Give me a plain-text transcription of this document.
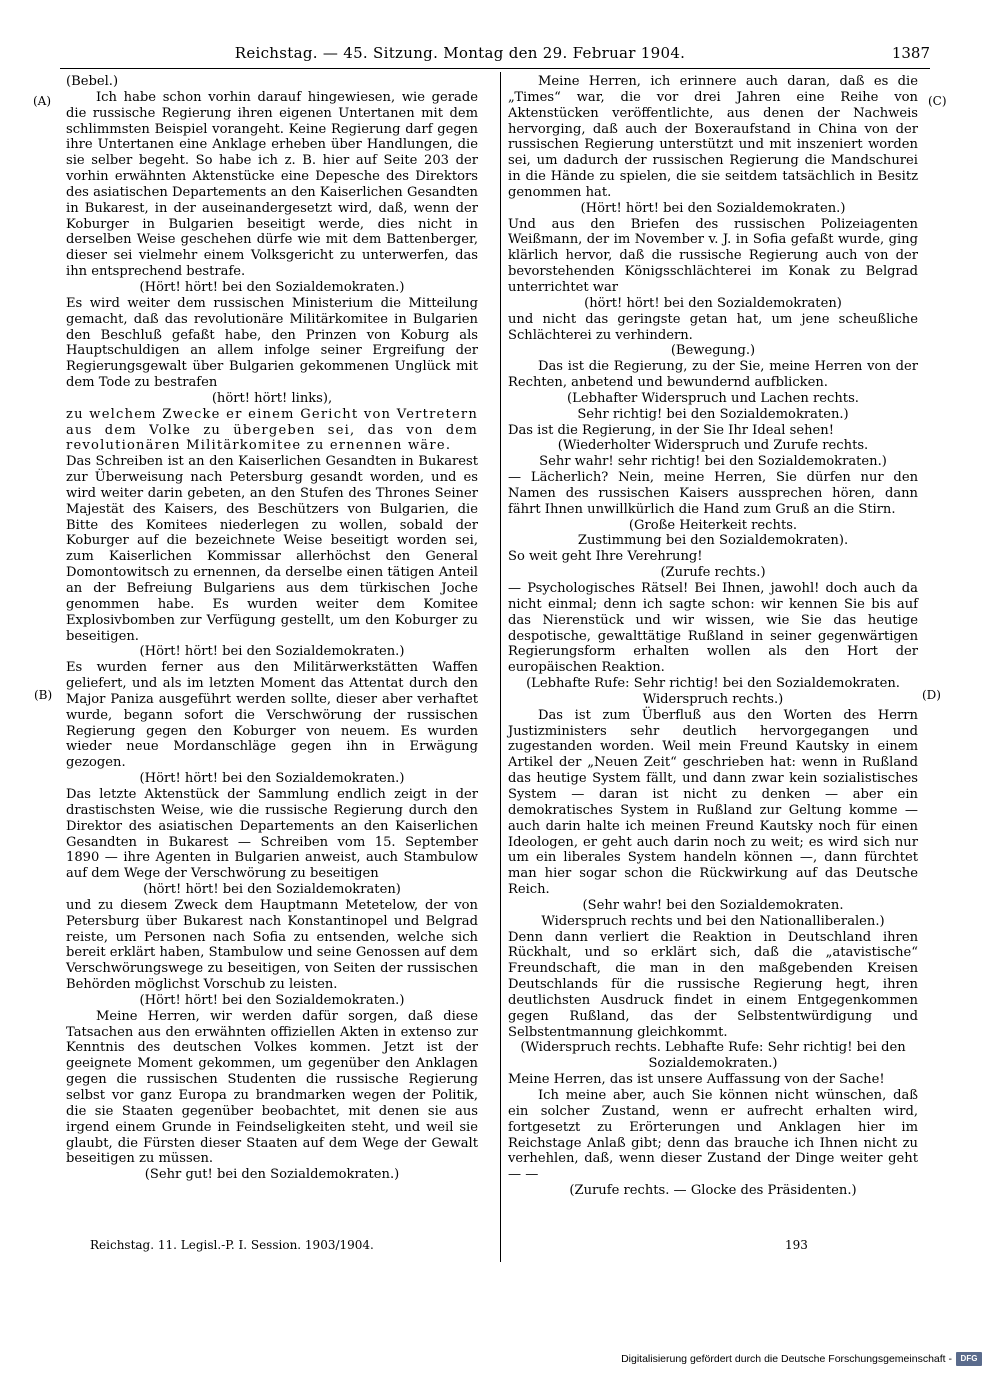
Reichstag. — 45. Sitzung. Montag den 29. Februar 1904.	1387
(A)
(B)
(C)
(D)

(Bebel.)

Ich habe schon vorhin darauf hingewiesen, wie gerade die russische Regierung ihren eigenen Untertanen mit dem schlimmsten Beispiel vorangeht. Keine Regierung darf gegen ihre Untertanen eine Anklage erheben über Handlungen, die sie selber begeht. So habe ich z. B. hier auf Seite 203 der vorhin erwähnten Aktenstücke eine Depesche des Direktors des asiatischen Departements an den Kaiserlichen Gesandten in Bukarest, in der auseinandergesetzt wird, daß, wenn der Koburger in Bulgarien beseitigt werde, dies nicht in derselben Weise geschehen dürfe wie mit dem Battenberger, dieser sei vielmehr einem Volksgericht zu unterwerfen, das ihn entsprechend bestrafe.

(Hört! hört! bei den Sozialdemokraten.)

Es wird weiter dem russischen Ministerium die Mitteilung gemacht, daß das revolutionäre Militärkomitee in Bulgarien den Beschluß gefaßt habe, den Prinzen von Koburg als Hauptschuldigen an allem infolge seiner Ergreifung der Regierungsgewalt über Bulgarien gekommenen Unglück mit dem Tode zu bestrafen

(hört! hört! links),

zu welchem Zwecke er einem Gericht von Vertretern aus dem Volke zu übergeben sei, das von dem revolutionären Militärkomitee zu ernennen wäre.

Das Schreiben ist an den Kaiserlichen Gesandten in Bukarest zur Überweisung nach Petersburg gesandt worden, und es wird weiter darin gebeten, an den Stufen des Thrones Seiner Majestät des Kaisers, des Beschützers von Bulgarien, die Bitte des Komitees niederlegen zu wollen, sobald der Koburger auf die bezeichnete Weise beseitigt worden sei, zum Kaiserlichen Kommissar allerhöchst den General Domontowitsch zu ernennen, da derselbe einen tätigen Anteil an der Befreiung Bulgariens aus dem türkischen Joche genommen habe. Es wurden weiter dem Komitee Explosivbomben zur Verfügung gestellt, um den Koburger zu beseitigen.

(Hört! hört! bei den Sozialdemokraten.)

Es wurden ferner aus den Militärwerkstätten Waffen geliefert, und als im letzten Moment das Attentat durch den Major Paniza ausgeführt werden sollte, dieser aber verhaftet wurde, begann sofort die Verschwörung der russischen Regierung gegen den Koburger von neuem. Es wurden wieder neue Mordanschläge gegen ihn in Erwägung gezogen.

(Hört! hört! bei den Sozialdemokraten.)

Das letzte Aktenstück der Sammlung endlich zeigt in der drastischsten Weise, wie die russische Regierung durch den Direktor des asiatischen Departements an den Kaiserlichen Gesandten in Bukarest — Schreiben vom 15. September 1890 — ihre Agenten in Bulgarien anweist, auch Stambulow auf dem Wege der Verschwörung zu beseitigen

(hört! hört! bei den Sozialdemokraten)

und zu diesem Zweck dem Hauptmann Metetelow, der von Petersburg über Bukarest nach Konstantinopel und Belgrad reiste, um Personen nach Sofia zu entsenden, welche sich bereit erklärt haben, Stambulow und seine Genossen auf dem Verschwörungswege zu beseitigen, von Seiten der russischen Behörden möglichst Vorschub zu leisten.

(Hört! hört! bei den Sozialdemokraten.)

Meine Herren, wir werden dafür sorgen, daß diese Tatsachen aus den erwähnten offiziellen Akten in extenso zur Kenntnis des deutschen Volkes kommen. Jetzt ist der geeignete Moment gekommen, um gegenüber den Anklagen gegen die russischen Studenten die russische Regierung selbst vor ganz Europa zu brandmarken wegen der Politik, die sie Staaten gegenüber beobachtet, mit denen sie aus irgend einem Grunde in Feindseligkeiten steht, und weil sie glaubt, die Fürsten dieser Staaten auf dem Wege der Gewalt beseitigen zu müssen.

(Sehr gut! bei den Sozialdemokraten.)

Meine Herren, ich erinnere auch daran, daß es die „Times“ war, die vor drei Jahren eine Reihe von Aktenstücken veröffentlichte, aus denen der Nachweis hervorging, daß auch der Boxeraufstand in China von der russischen Regierung unterstützt und mit inszeniert worden sei, um dadurch der russischen Regierung die Mandschurei in die Hände zu spielen, die sie seitdem tatsächlich in Besitz genommen hat.

(Hört! hört! bei den Sozialdemokraten.)

Und aus den Briefen des russischen Polizeiagenten Weißmann, der im November v. J. in Sofia gefaßt wurde, ging klärlich hervor, daß die russische Regierung auch von der bevorstehenden Königsschlächterei im Konak zu Belgrad unterrichtet war

(hört! hört! bei den Sozialdemokraten)

und nicht das geringste getan hat, um jene scheußliche Schlächterei zu verhindern.

(Bewegung.)

Das ist die Regierung, zu der Sie, meine Herren von der Rechten, anbetend und bewundernd aufblicken.

(Lebhafter Widerspruch und Lachen rechts.

Sehr richtig! bei den Sozialdemokraten.)

Das ist die Regierung, in der Sie Ihr Ideal sehen!

(Wiederholter Widerspruch und Zurufe rechts.

Sehr wahr! sehr richtig! bei den Sozialdemokraten.)

— Lächerlich? Nein, meine Herren, Sie dürfen nur den Namen des russischen Kaisers aussprechen hören, dann fährt Ihnen unwillkürlich die Hand zum Gruß an die Stirn.

(Große Heiterkeit rechts.

Zustimmung bei den Sozialdemokraten).

So weit geht Ihre Verehrung!

(Zurufe rechts.)

— Psychologisches Rätsel! Bei Ihnen, jawohl! doch auch da nicht einmal; denn ich sagte schon: wir kennen Sie bis auf das Nierenstück und wir wissen, wie Sie das heutige despotische, gewalttätige Rußland in seiner gegenwärtigen Regierungsform erhalten wollen als den Hort der europäischen Reaktion.

(Lebhafte Rufe: Sehr richtig! bei den Sozialdemokraten.

Widerspruch rechts.)

Das ist zum Überfluß aus den Worten des Herrn Justizministers sehr deutlich hervorgegangen und zugestanden worden. Weil mein Freund Kautsky in einem Artikel der „Neuen Zeit“ geschrieben hat: wenn in Rußland das heutige System fällt, und dann zwar kein sozialistisches System — daran ist nicht zu denken — aber ein demokratisches System in Rußland zur Geltung komme — auch darin halte ich meinen Freund Kautsky noch für einen Ideologen, er geht auch darin noch zu weit; es wird sich nur um ein liberales System handeln können —, dann fürchtet man hier sogar schon die Rückwirkung auf das Deutsche Reich.

(Sehr wahr! bei den Sozialdemokraten.

Widerspruch rechts und bei den Nationalliberalen.)

Denn dann verliert die Reaktion in Deutschland ihren Rückhalt, und so erklärt sich, daß die „atavistische“ Freundschaft, die man in den maßgebenden Kreisen Deutschlands für die russische Regierung hegt, ihren deutlichsten Ausdruck findet in einem Entgegenkommen gegen Rußland, das der Selbstentwürdigung und Selbstentmannung gleichkommt.

(Widerspruch rechts. Lebhafte Rufe: Sehr richtig! bei den Sozialdemokraten.)

Meine Herren, das ist unsere Auffassung von der Sache!

Ich meine aber, auch Sie können nicht wünschen, daß ein solcher Zustand, wenn er aufrecht erhalten wird, fortgesetzt zu Erörterungen und Anklagen hier im Reichstage Anlaß gibt; denn das brauche ich Ihnen nicht zu verhehlen, daß, wenn dieser Zustand der Dinge weiter geht — —

(Zurufe rechts. — Glocke des Präsidenten.)

Reichstag. 11. Legisl.-P. I. Session. 1903/1904.	193
Digitalisierung gefördert durch die Deutsche Forschungsgemeinschaft -	DFG
